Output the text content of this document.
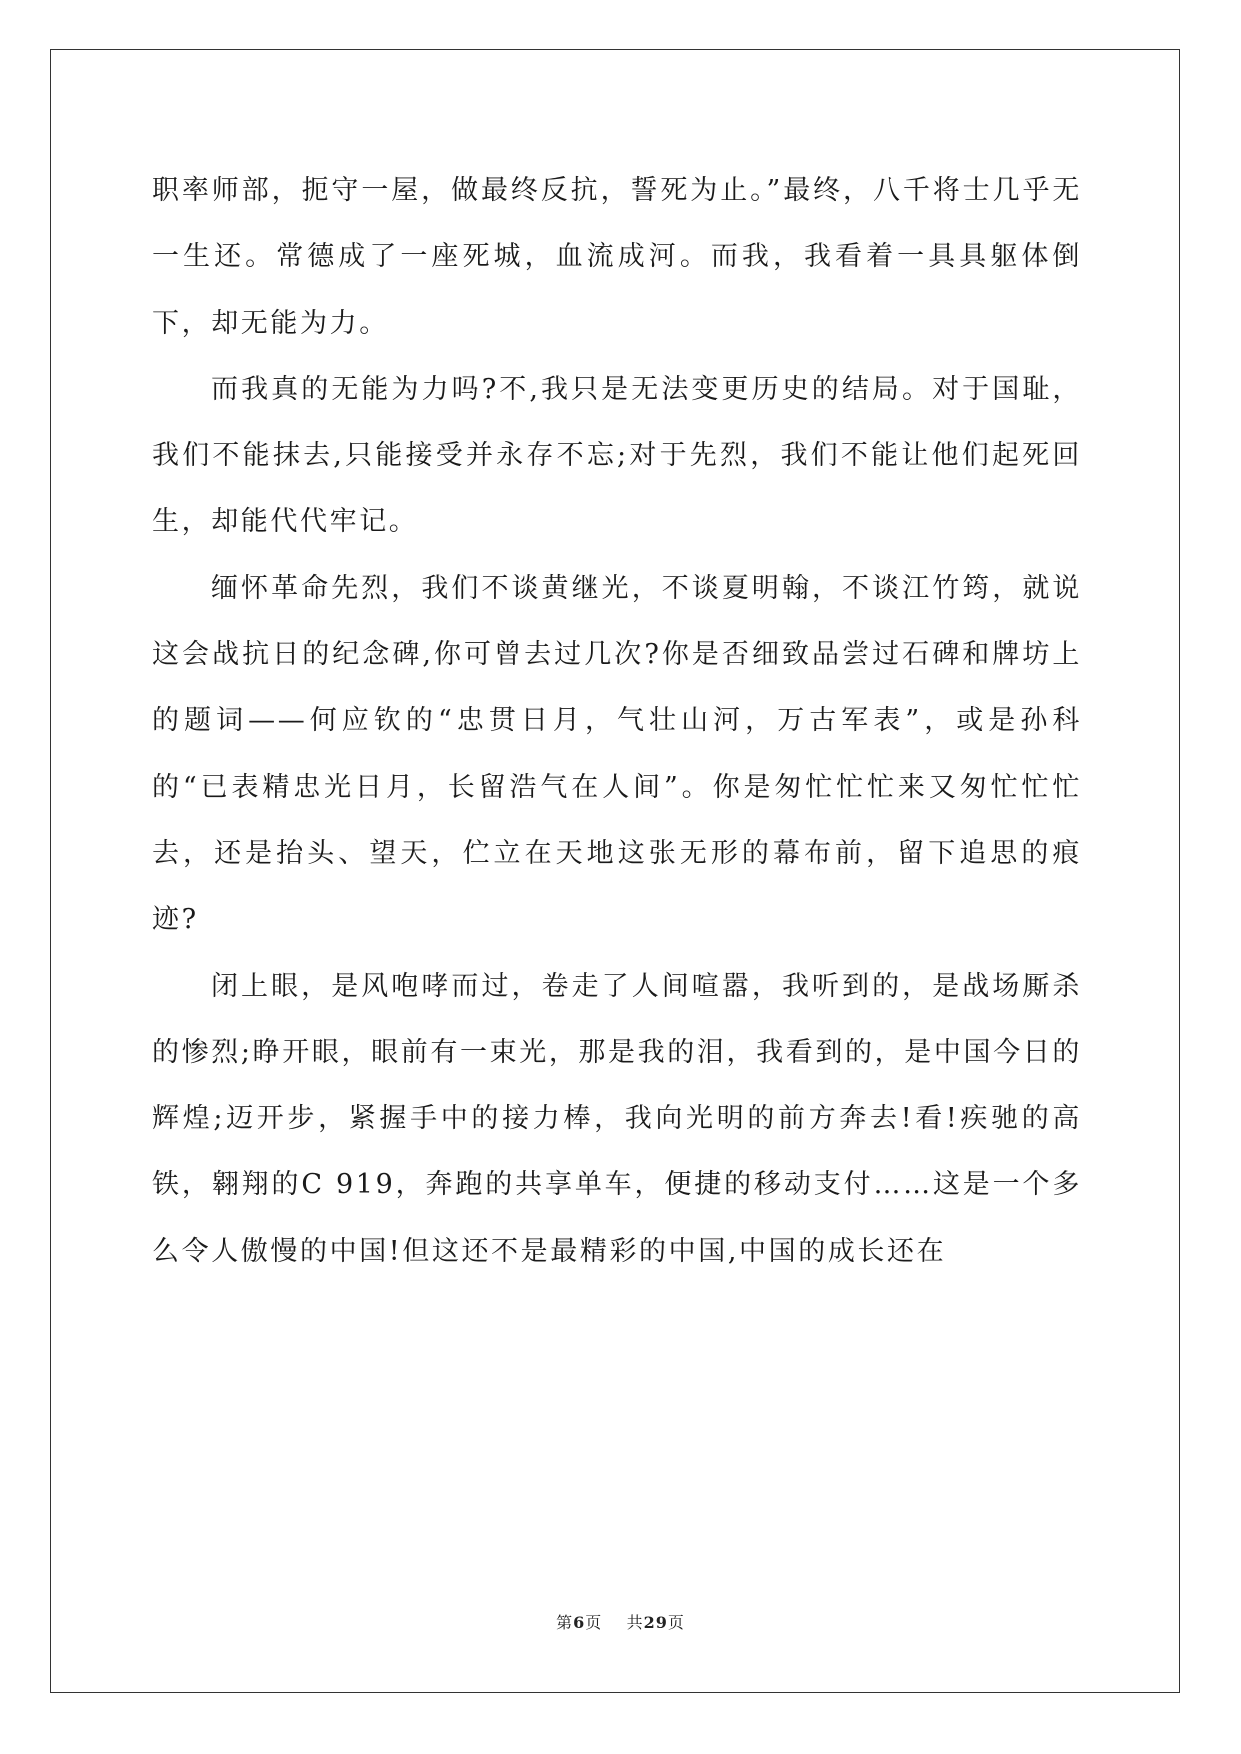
职率师部，扼守一屋，做最终反抗，誓死为止。”最终，八千将士几乎无一生还。常德成了一座死城，血流成河。而我，我看着一具具躯体倒下，却无能为力。

而我真的无能为力吗?不,我只是无法变更历史的结局。对于国耻，我们不能抹去,只能接受并永存不忘;对于先烈，我们不能让他们起死回生，却能代代牢记。

缅怀革命先烈，我们不谈黄继光，不谈夏明翰，不谈江竹筠，就说这会战抗日的纪念碑,你可曾去过几次?你是否细致品尝过石碑和牌坊上的题词——何应钦的“忠贯日月，气壮山河，万古军表”，或是孙科的“已表精忠光日月，长留浩气在人间”。你是匆忙忙忙来又匆忙忙忙去，还是抬头、望天，伫立在天地这张无形的幕布前，留下追思的痕迹?

闭上眼，是风咆哮而过，卷走了人间喧嚣，我听到的，是战场厮杀的惨烈;睁开眼，眼前有一束光，那是我的泪，我看到的，是中国今日的辉煌;迈开步，紧握手中的接力棒，我向光明的前方奔去!看!疾驰的高铁，翱翔的C 919，奔跑的共享单车，便捷的移动支付……这是一个多么令人傲慢的中国!但这还不是最精彩的中国,中国的成长还在

第6页 共29页
